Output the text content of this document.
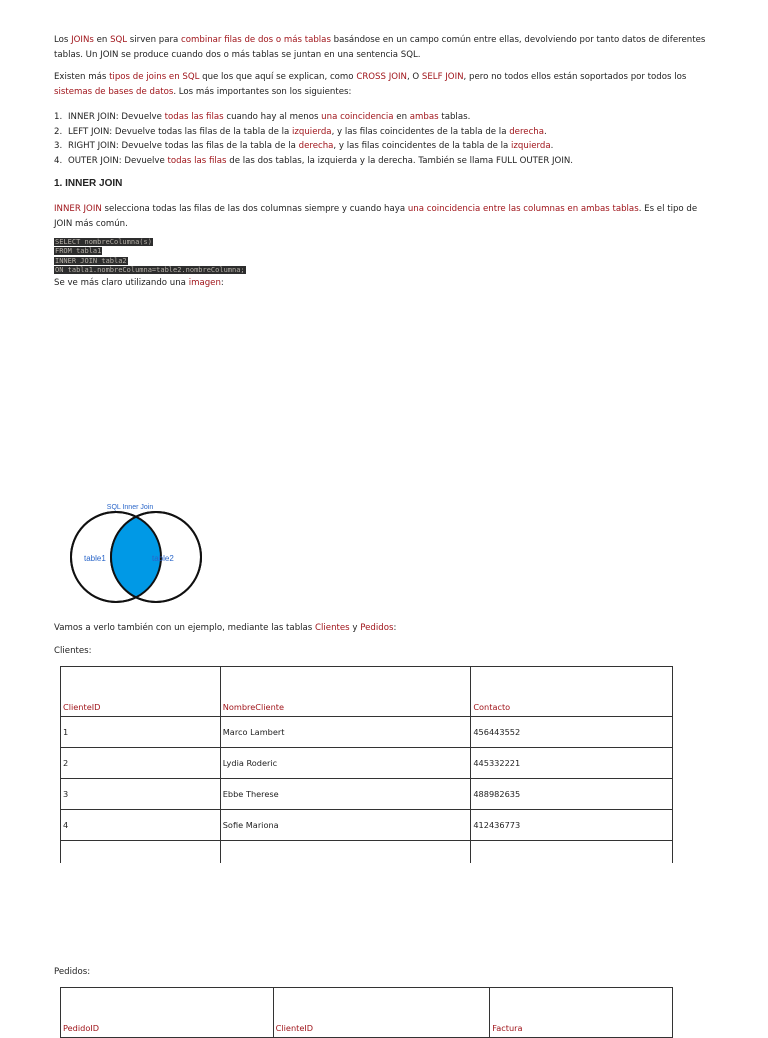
Los JOINs en SQL sirven para combinar filas de dos o más tablas basándose en un campo común entre ellas, devolviendo por tanto datos de diferentes tablas. Un JOIN se produce cuando dos o más tablas se juntan en una sentencia SQL.

Existen más tipos de joins en SQL que los que aquí se explican, como CROSS JOIN, O SELF JOIN, pero no todos ellos están soportados por todos los sistemas de bases de datos. Los más importantes son los siguientes:

1. INNER JOIN: Devuelve todas las filas cuando hay al menos una coincidencia en ambas tablas.
2. LEFT JOIN: Devuelve todas las filas de la tabla de la izquierda, y las filas coincidentes de la tabla de la derecha.
3. RIGHT JOIN: Devuelve todas las filas de la tabla de la derecha, y las filas coincidentes de la tabla de la izquierda.
4. OUTER JOIN: Devuelve todas las filas de las dos tablas, la izquierda y la derecha. También se llama FULL OUTER JOIN.
1. INNER JOIN

INNER JOIN selecciona todas las filas de las dos columnas siempre y cuando haya una coincidencia entre las columnas en ambas tablas. Es el tipo de JOIN más común.

SELECT nombreColumna(s)
FROM tabla1
INNER JOIN tabla2
ON tabla1.nombreColumna=table2.nombreColumna;

Se ve más claro utilizando una imagen:

SQL Inner Join
table1	table2

Vamos a verlo también con un ejemplo, mediante las tablas Clientes y Pedidos:

Clientes:

ClienteID	NombreCliente	Contacto
1	Marco Lambert	456443552
2	Lydia Roderic	445332221
3	Ebbe Therese	488982635
4	Sofie Mariona	412436773

Pedidos:

PedidoID	ClienteID	Factura
